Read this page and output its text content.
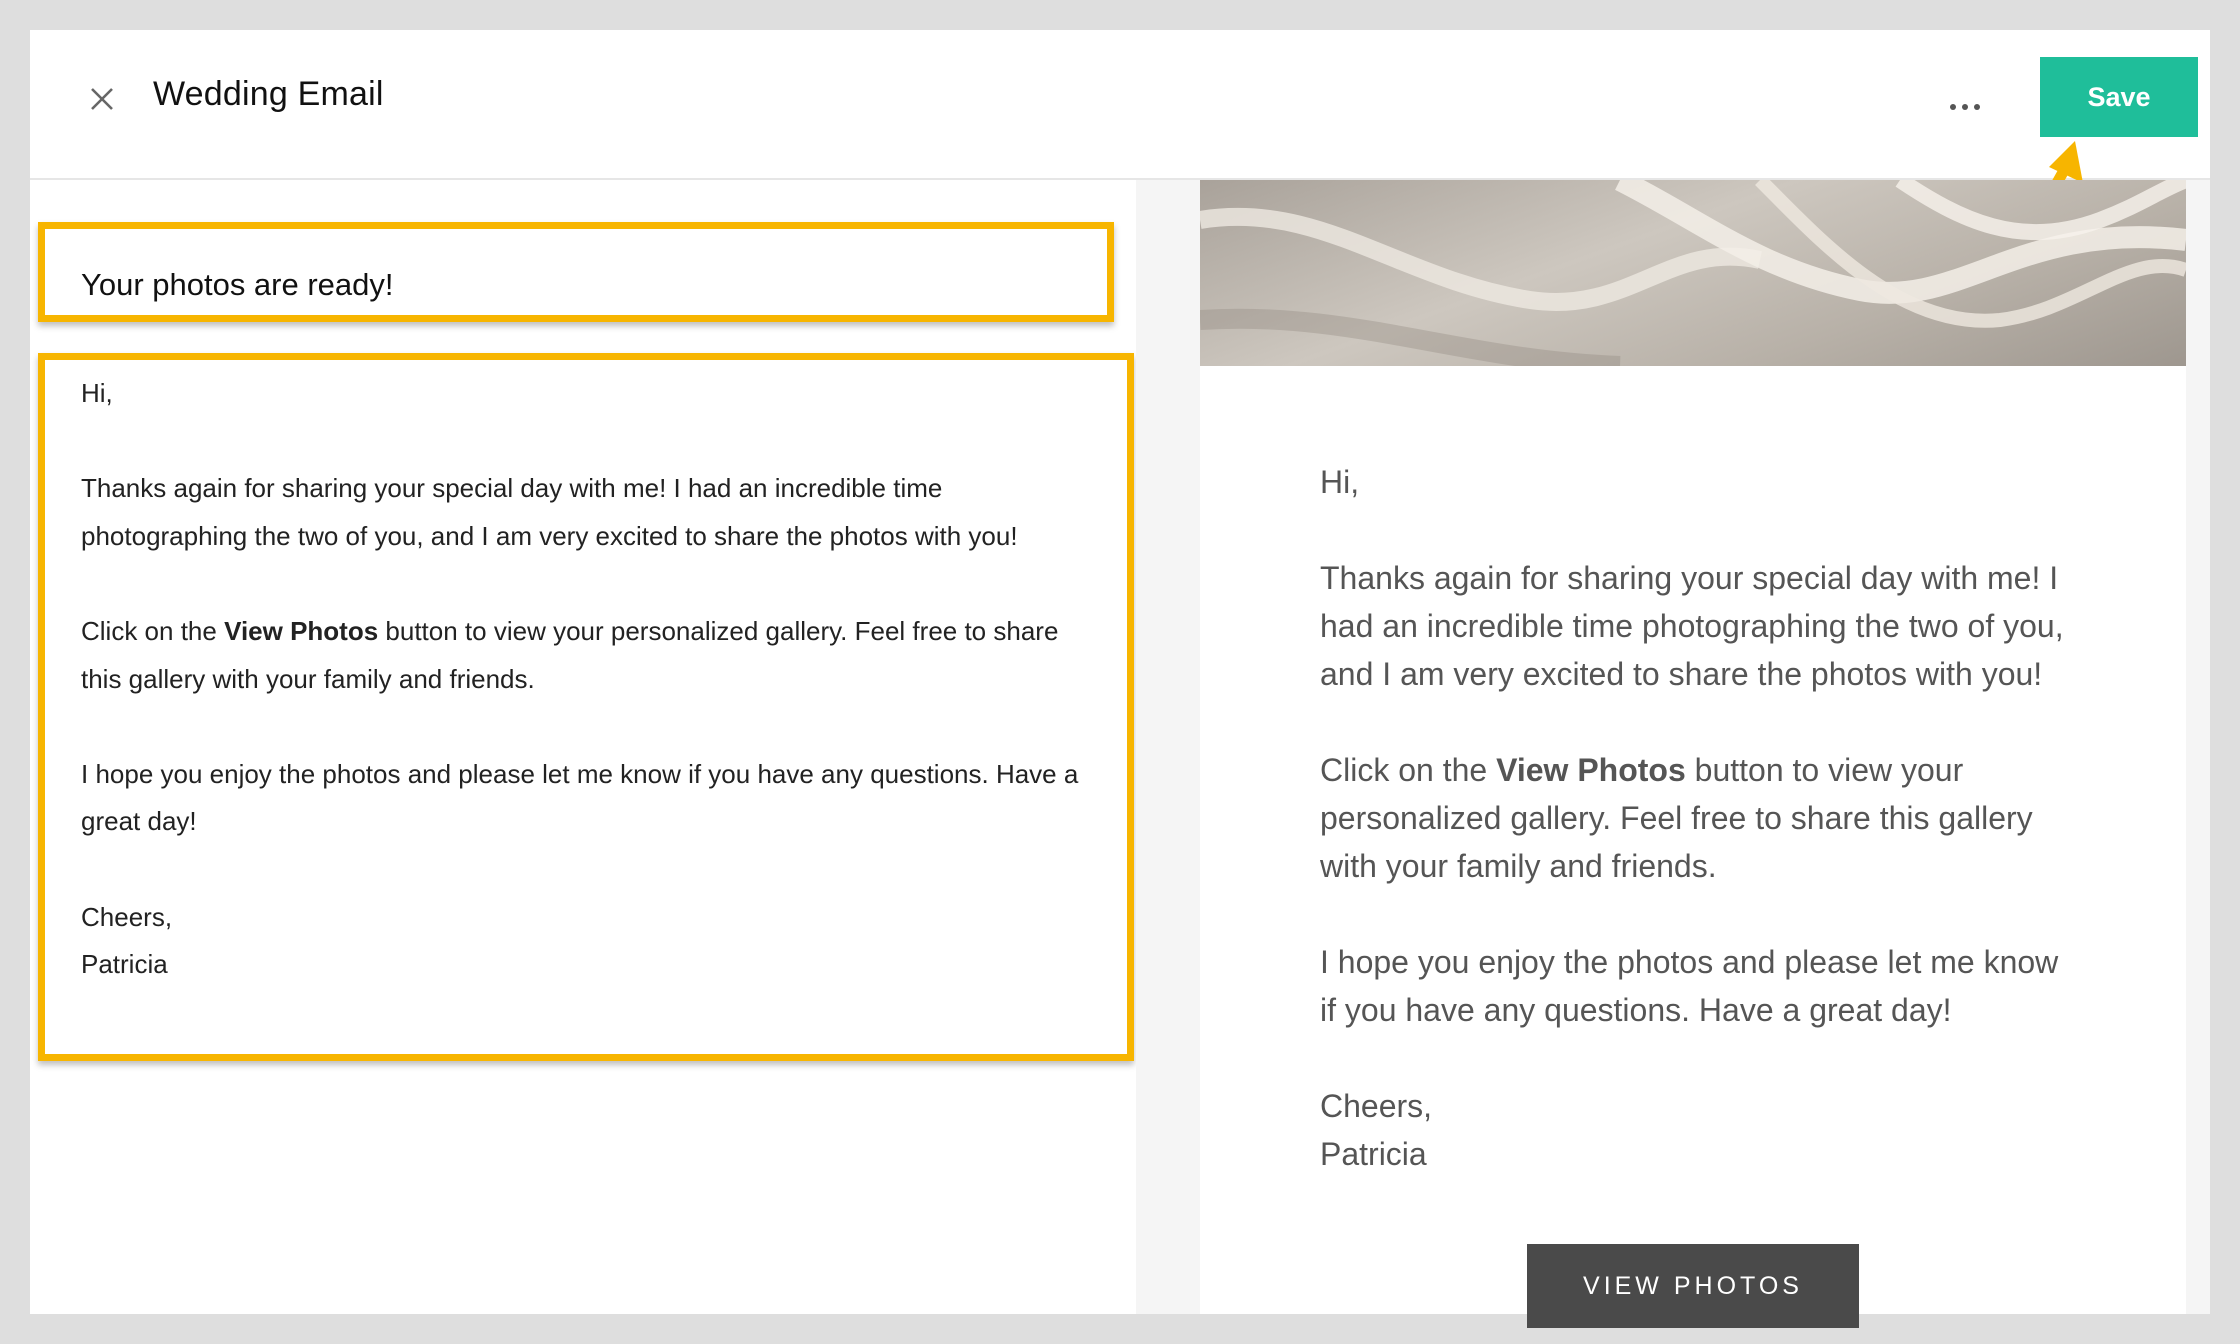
Wedding Email	Save
Your photos are ready!

Hi,

Thanks again for sharing your special day with me! I had an incredible time photographing the two of you, and I am very excited to share the photos with you!

Click on the View Photos button to view your personalized gallery. Feel free to share this gallery with your family and friends.

I hope you enjoy the photos and please let me know if you have any questions. Have a great day!

Cheers,
Patricia

Hi,

Thanks again for sharing your special day with me! I had an incredible time photographing the two of you, and I am very excited to share the photos with you!

Click on the View Photos button to view your personalized gallery. Feel free to share this gallery with your family and friends.

I hope you enjoy the photos and please let me know if you have any questions. Have a great day!

Cheers,
Patricia

VIEW PHOTOS
